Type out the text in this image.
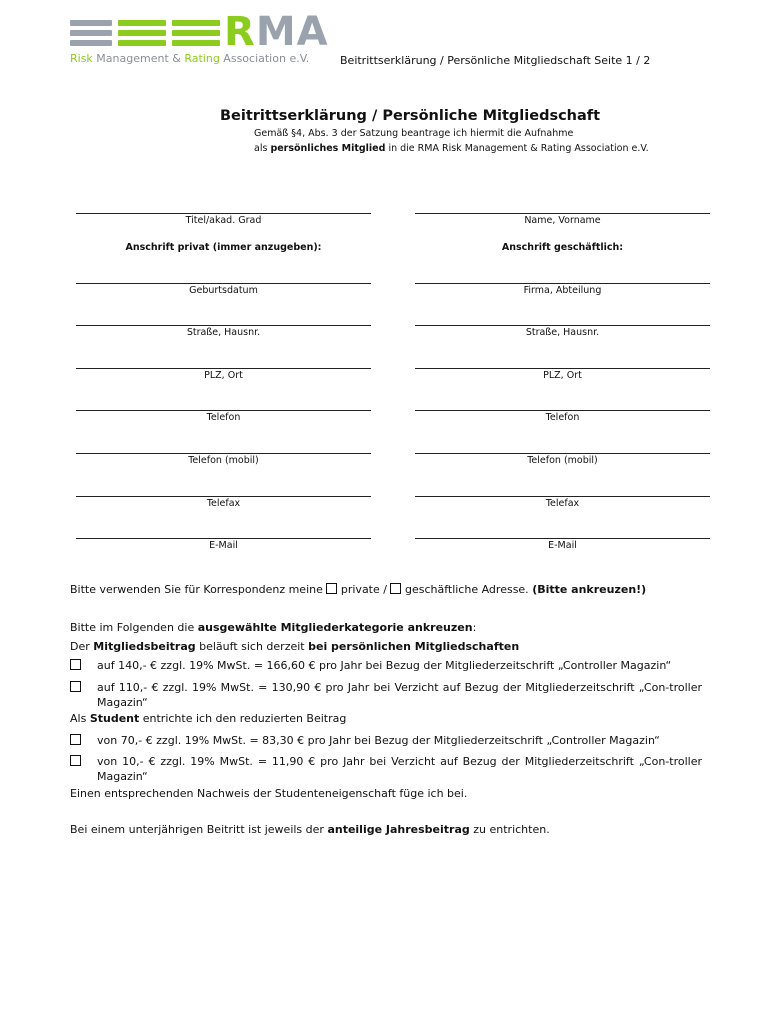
RMA
Risk Management & Rating Association e.V.	Beitrittserklärung / Persönliche Mitgliedschaft Seite 1 / 2
Beitrittserklärung / Persönliche Mitgliedschaft
Gemäß §4, Abs. 3 der Satzung beantrage ich hiermit die Aufnahme
als persönliches Mitglied in die RMA Risk Management & Rating Association e.V.
Titel/akad. Grad
Anschrift privat (immer anzugeben):
Geburtsdatum
Straße, Hausnr.
PLZ, Ort
Telefon
Telefon (mobil)
Telefax
E-Mail
Name, Vorname
Anschrift geschäftlich:
Firma, Abteilung
Straße, Hausnr.
PLZ, Ort
Telefon
Telefon (mobil)
Telefax
E-Mail
Bitte verwenden Sie für Korrespondenz meine  private /  geschäftliche Adresse. (Bitte ankreuzen!)
Bitte im Folgenden die ausgewählte Mitgliederkategorie ankreuzen:
Der Mitgliedsbeitrag beläuft sich derzeit bei persönlichen Mitgliedschaften
auf 140,- € zzgl. 19% MwSt. = 166,60 € pro Jahr bei Bezug der Mitgliederzeitschrift „Controller Magazin“
auf 110,- € zzgl. 19% MwSt. = 130,90 € pro Jahr bei Verzicht auf Bezug der Mitgliederzeitschrift „Con-troller Magazin“
Als Student entrichte ich den reduzierten Beitrag
von 70,- € zzgl. 19% MwSt. = 83,30 € pro Jahr bei Bezug der Mitgliederzeitschrift „Controller Magazin“
von 10,- € zzgl. 19% MwSt. = 11,90 € pro Jahr bei Verzicht auf Bezug der Mitgliederzeitschrift „Con-troller Magazin“
Einen entsprechenden Nachweis der Studenteneigenschaft füge ich bei.
Bei einem unterjährigen Beitritt ist jeweils der anteilige Jahresbeitrag zu entrichten.
